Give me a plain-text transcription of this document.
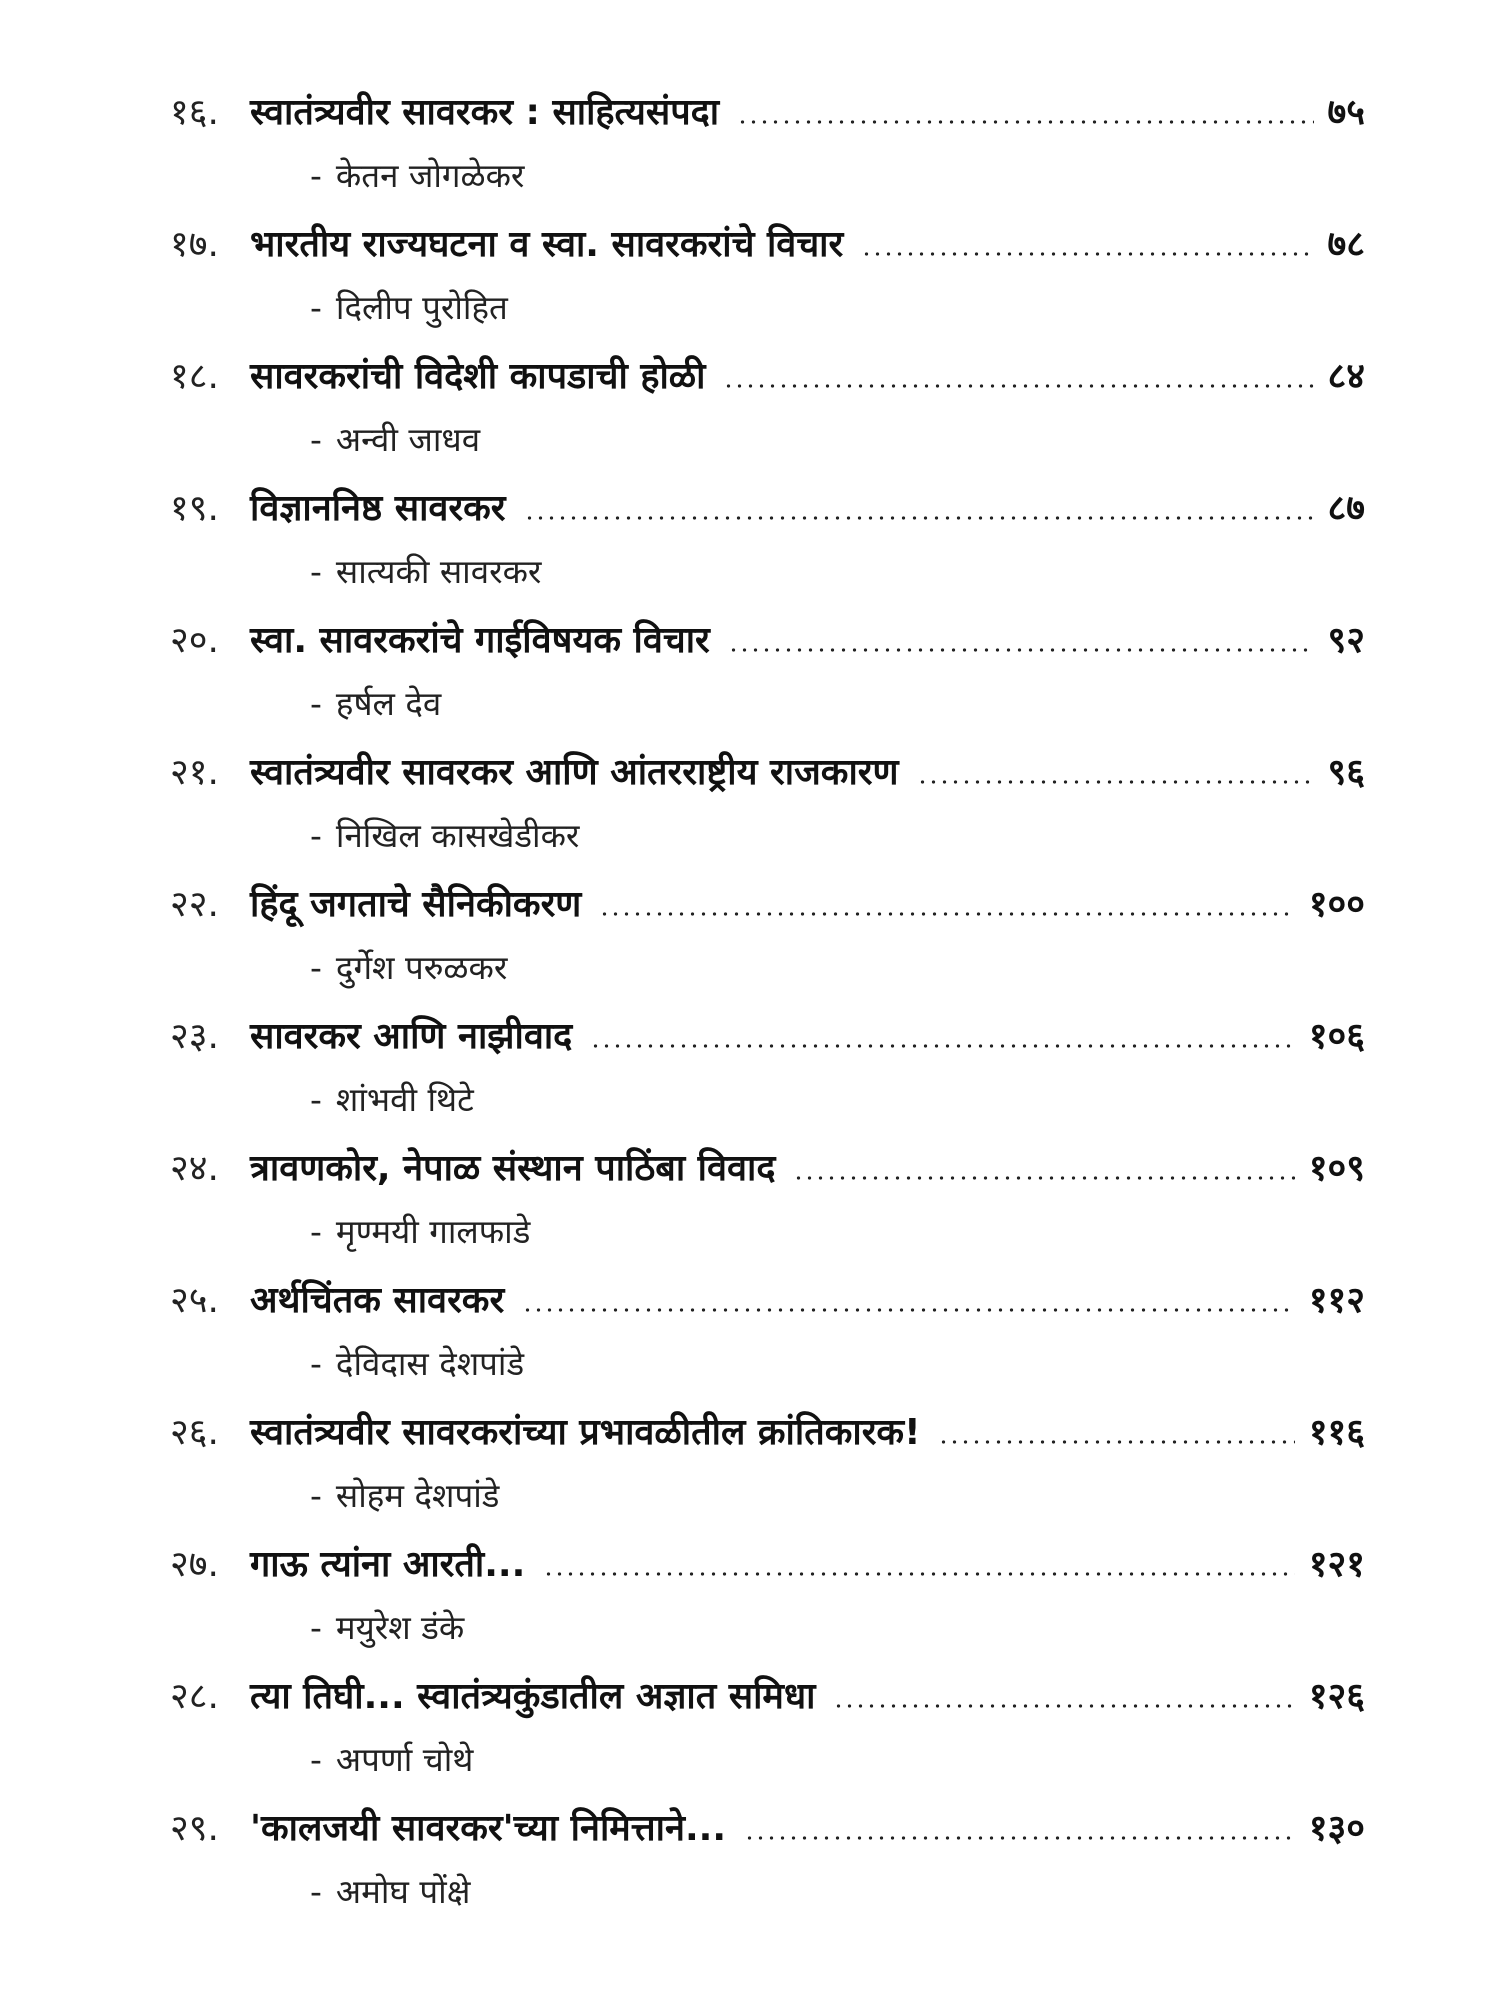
१६. स्वातंत्र्यवीर सावरकर : साहित्यसंपदा	७५
- केतन जोगळेकर
१७. भारतीय राज्यघटना व स्वा. सावरकरांचे विचार	७८
- दिलीप पुरोहित
१८. सावरकरांची विदेशी कापडाची होळी	८४
- अन्वी जाधव
१९. विज्ञाननिष्ठ सावरकर	८७
- सात्यकी सावरकर
२०. स्वा. सावरकरांचे गाईविषयक विचार	९२
- हर्षल देव
२१. स्वातंत्र्यवीर सावरकर आणि आंतरराष्ट्रीय राजकारण	९६
- निखिल कासखेडीकर
२२. हिंदू जगताचे सैनिकीकरण	१००
- दुर्गेश परुळकर
२३. सावरकर आणि नाझीवाद	१०६
- शांभवी थिटे
२४. त्रावणकोर, नेपाळ संस्थान पाठिंबा विवाद	१०९
- मृण्मयी गालफाडे
२५. अर्थचिंतक सावरकर	११२
- देविदास देशपांडे
२६. स्वातंत्र्यवीर सावरकरांच्या प्रभावळीतील क्रांतिकारक!	११६
- सोहम देशपांडे
२७. गाऊ त्यांना आरती...	१२१
- मयुरेश डंके
२८. त्या तिघी... स्वातंत्र्यकुंडातील अज्ञात समिधा	१२६
- अपर्णा चोथे
२९. 'कालजयी सावरकर'च्या निमित्ताने...	१३०
- अमोघ पोंक्षे
